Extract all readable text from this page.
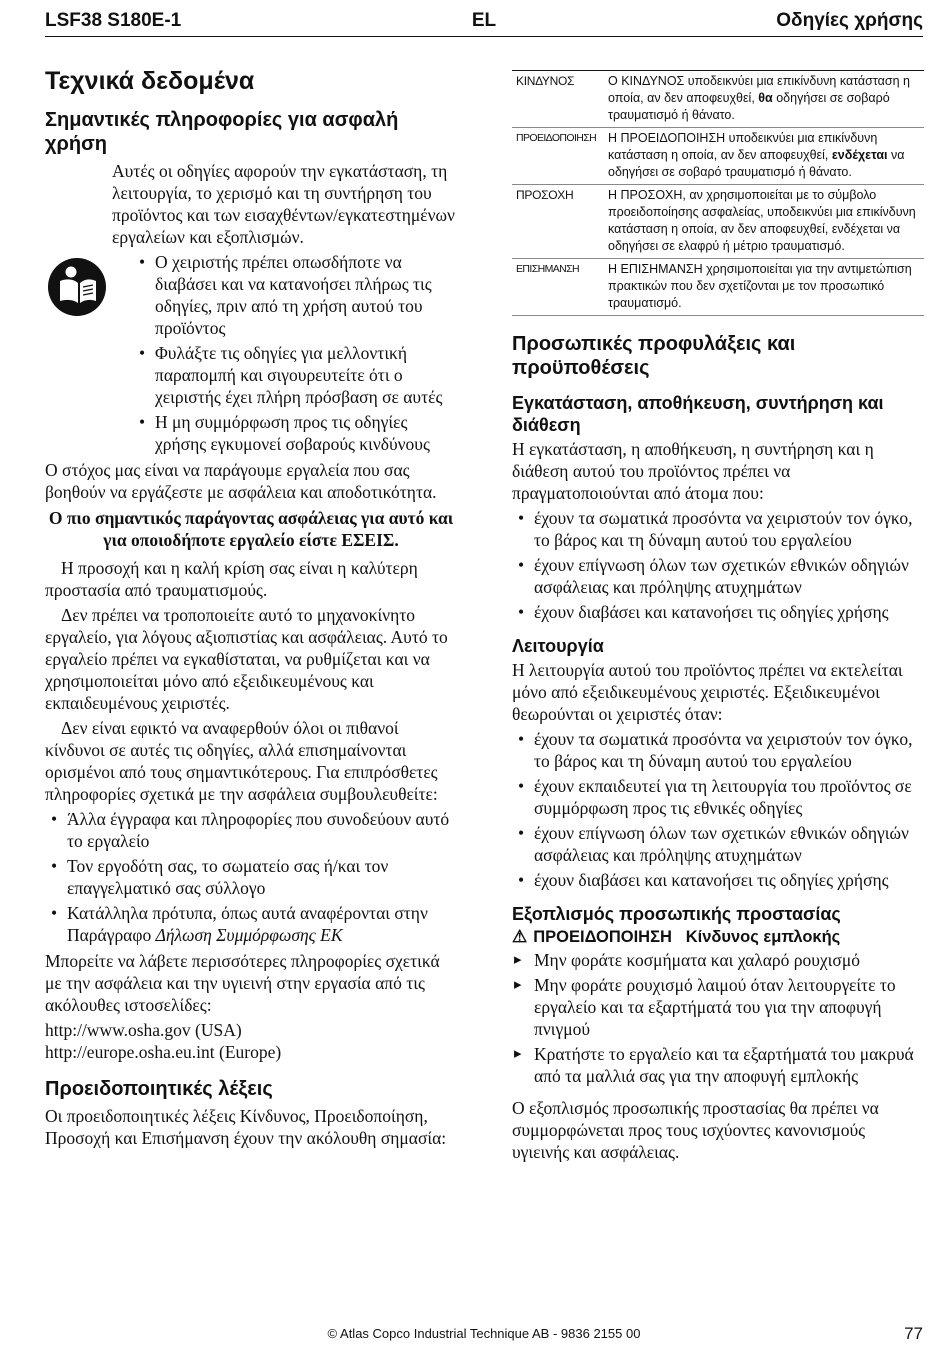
LSF38 S180E-1	EL	Οδηγίες χρήσης
Τεχνικά δεδομένα
Σημαντικές πληροφορίες για ασφαλή χρήση

Αυτές οι οδηγίες αφορούν την εγκατάσταση, τη λειτουργία, το χερισμό και τη συντήρηση του προϊόντος και των εισαχθέντων/εγκατεστημένων εργαλείων και εξοπλισμών.

• Ο χειριστής πρέπει οπωσδήποτε να διαβάσει και να κατανοήσει πλήρως τις οδηγίες, πριν από τη χρήση αυτού του προϊόντος
• Φυλάξτε τις οδηγίες για μελλοντική παραπομπή και σιγουρευτείτε ότι ο χειριστής έχει πλήρη πρόσβαση σε αυτές
• Η μη συμμόρφωση προς τις οδηγίες χρήσης εγκυμονεί σοβαρούς κινδύνους

Ο στόχος μας είναι να παράγουμε εργαλεία που σας βοηθούν να εργάζεστε με ασφάλεια και αποδοτικότητα.

Ο πιο σημαντικός παράγοντας ασφάλειας για αυτό και για οποιοδήποτε εργαλείο είστε ΕΣΕΙΣ.

Η προσοχή και η καλή κρίση σας είναι η καλύτερη προστασία από τραυματισμούς.

Δεν πρέπει να τροποποιείτε αυτό το μηχανοκίνητο εργαλείο, για λόγους αξιοπιστίας και ασφάλειας. Αυτό το εργαλείο πρέπει να εγκαθίσταται, να ρυθμίζεται και να χρησιμοποιείται μόνο από εξειδικευμένους και εκπαιδευμένους χειριστές.

Δεν είναι εφικτό να αναφερθούν όλοι οι πιθανοί κίνδυνοι σε αυτές τις οδηγίες, αλλά επισημαίνονται ορισμένοι από τους σημαντικότερους. Για επιπρόσθετες πληροφορίες σχετικά με την ασφάλεια συμβουλευθείτε:

• Άλλα έγγραφα και πληροφορίες που συνοδεύουν αυτό το εργαλείο
• Τον εργοδότη σας, το σωματείο σας ή/και τον επαγγελματικό σας σύλλογο
• Κατάλληλα πρότυπα, όπως αυτά αναφέρονται στην Παράγραφο Δήλωση Συμμόρφωσης ΕΚ

Μπορείτε να λάβετε περισσότερες πληροφορίες σχετικά με την ασφάλεια και την υγιεινή στην εργασία από τις ακόλουθες ιστοσελίδες:

http://www.osha.gov (USA)

http://europe.osha.eu.int (Europe)

Προειδοποιητικές λέξεις

Οι προειδοποιητικές λέξεις Κίνδυνος, Προειδοποίηση, Προσοχή και Επισήμανση έχουν την ακόλουθη σημασία:

ΚΙΝΔΥΝΟΣ	Ο ΚΙΝΔΥΝΟΣ υποδεικνύει μια επικίνδυνη κατάσταση η οποία, αν δεν αποφευχθεί, θα οδηγήσει σε σοβαρό τραυματισμό ή θάνατο.
ΠΡΟΕΙΔΟΠΟΙΗΣΗ	Η ΠΡΟΕΙΔΟΠΟΙΗΣΗ υποδεικνύει μια επικίνδυνη κατάσταση η οποία, αν δεν αποφευχθεί, ενδέχεται να οδηγήσει σε σοβαρό τραυματισμό ή θάνατο.
ΠΡΟΣΟΧΗ	Η ΠΡΟΣΟΧΗ, αν χρησιμοποιείται με το σύμβολο προειδοποίησης ασφαλείας, υποδεικνύει μια επικίνδυνη κατάσταση η οποία, αν δεν αποφευχθεί, ενδέχεται να οδηγήσει σε ελαφρύ ή μέτριο τραυματισμό.
ΕΠΙΣΗΜΑΝΣΗ	Η ΕΠΙΣΗΜΑΝΣΗ χρησιμοποιείται για την αντιμετώπιση πρακτικών που δεν σχετίζονται με τον προσωπικό τραυματισμό.
Προσωπικές προφυλάξεις και προϋποθέσεις
Εγκατάσταση, αποθήκευση, συντήρηση και διάθεση

Η εγκατάσταση, η αποθήκευση, η συντήρηση και η διάθεση αυτού του προϊόντος πρέπει να πραγματοποιούνται από άτομα που:

• έχουν τα σωματικά προσόντα να χειριστούν τον όγκο, το βάρος και τη δύναμη αυτού του εργαλείου
• έχουν επίγνωση όλων των σχετικών εθνικών οδηγιών ασφάλειας και πρόληψης ατυχημάτων
• έχουν διαβάσει και κατανοήσει τις οδηγίες χρήσης
Λειτουργία

Η λειτουργία αυτού του προϊόντος πρέπει να εκτελείται μόνο από εξειδικευμένους χειριστές. Εξειδικευμένοι θεωρούνται οι χειριστές όταν:

• έχουν τα σωματικά προσόντα να χειριστούν τον όγκο, το βάρος και τη δύναμη αυτού του εργαλείου
• έχουν εκπαιδευτεί για τη λειτουργία του προϊόντος σε συμμόρφωση προς τις εθνικές οδηγίες
• έχουν επίγνωση όλων των σχετικών εθνικών οδηγιών ασφάλειας και πρόληψης ατυχημάτων
• έχουν διαβάσει και κατανοήσει τις οδηγίες χρήσης
Εξοπλισμός προσωπικής προστασίας
⚠ ΠΡΟΕΙΔΟΠΟΙΗΣΗ Κίνδυνος εμπλοκής
▸ Μην φοράτε κοσμήματα και χαλαρό ρουχισμό
▸ Μην φοράτε ρουχισμό λαιμού όταν λειτουργείτε το εργαλείο και τα εξαρτήματά του για την αποφυγή πνιγμού
▸ Κρατήστε το εργαλείο και τα εξαρτήματά του μακρυά από τα μαλλιά σας για την αποφυγή εμπλοκής

Ο εξοπλισμός προσωπικής προστασίας θα πρέπει να συμμορφώνεται προς τους ισχύοντες κανονισμούς υγιεινής και ασφάλειας.

© Atlas Copco Industrial Technique AB - 9836 2155 00	77
